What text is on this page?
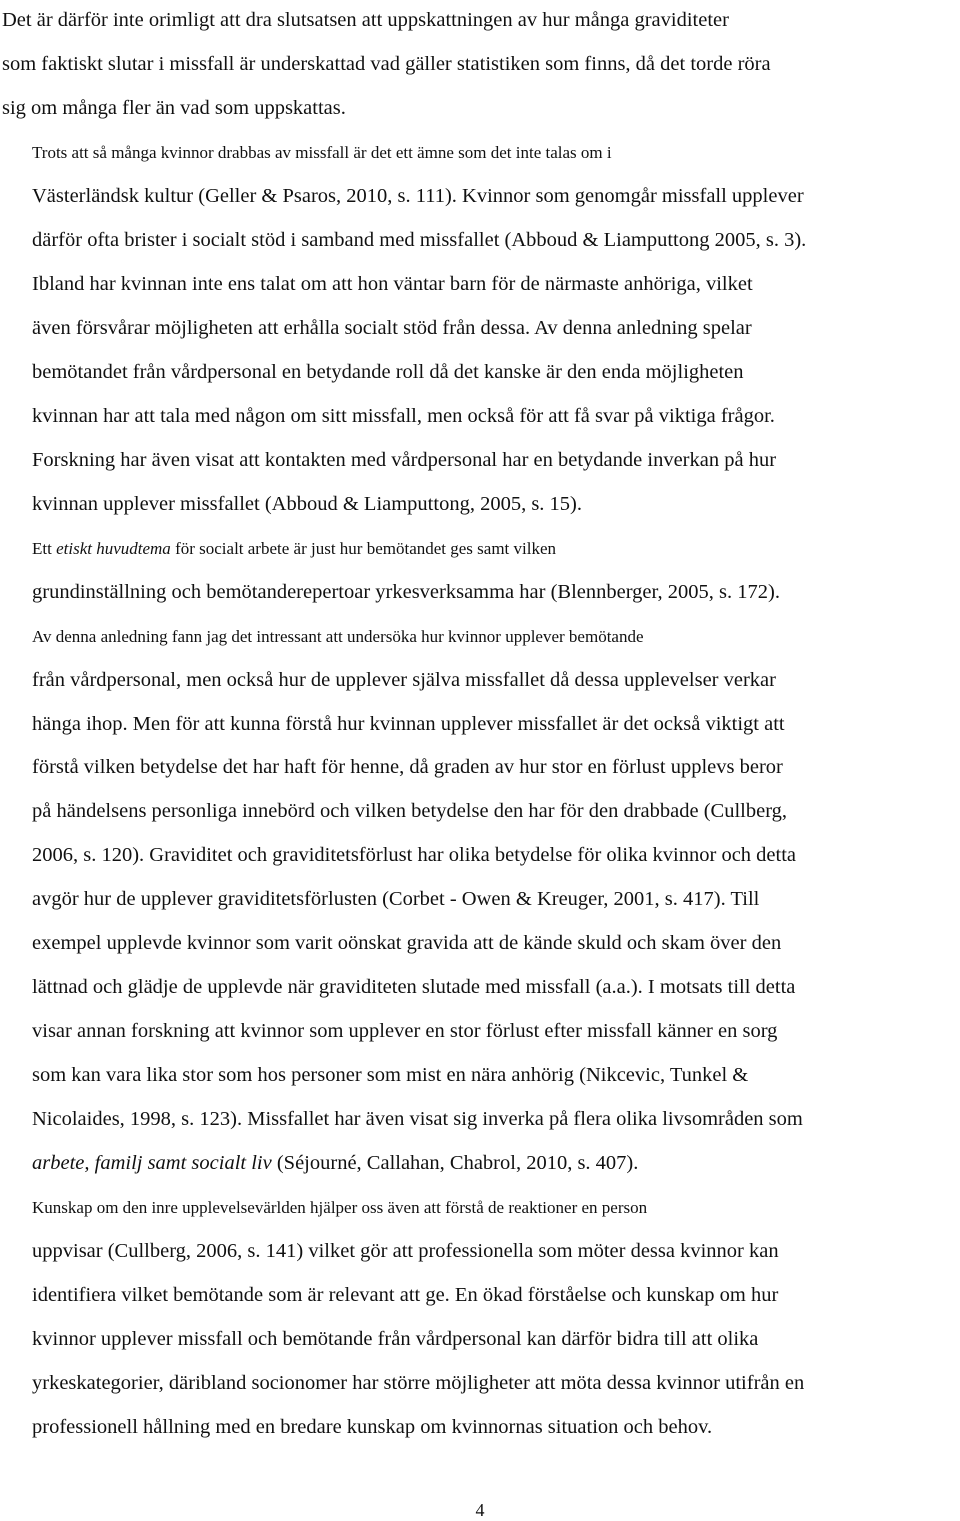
Det är därför inte orimligt att dra slutsatsen att uppskattningen av hur många graviditeter
som faktiskt slutar i missfall är underskattad vad gäller statistiken som finns, då det torde röra
sig om många fler än vad som uppskattas.

Trots att så många kvinnor drabbas av missfall är det ett ämne som det inte talas om i
Västerländsk kultur (Geller & Psaros, 2010, s. 111). Kvinnor som genomgår missfall upplever
därför ofta brister i socialt stöd i samband med missfallet (Abboud & Liamputtong 2005, s. 3).
Ibland har kvinnan inte ens talat om att hon väntar barn för de närmaste anhöriga, vilket
även försvårar möjligheten att erhålla socialt stöd från dessa. Av denna anledning spelar
bemötandet från vårdpersonal en betydande roll då det kanske är den enda möjligheten
kvinnan har att tala med någon om sitt missfall, men också för att få svar på viktiga frågor.
Forskning har även visat att kontakten med vårdpersonal har en betydande inverkan på hur
kvinnan upplever missfallet (Abboud & Liamputtong, 2005, s. 15).

Ett etiskt huvudtema för socialt arbete är just hur bemötandet ges samt vilken
grundinställning och bemötanderepertoar yrkesverksamma har (Blennberger, 2005, s. 172).

Av denna anledning fann jag det intressant att undersöka hur kvinnor upplever bemötande
från vårdpersonal, men också hur de upplever själva missfallet då dessa upplevelser verkar
hänga ihop. Men för att kunna förstå hur kvinnan upplever missfallet är det också viktigt att
förstå vilken betydelse det har haft för henne, då graden av hur stor en förlust upplevs beror
på händelsens personliga innebörd och vilken betydelse den har för den drabbade (Cullberg,
2006, s. 120). Graviditet och graviditetsförlust har olika betydelse för olika kvinnor och detta
avgör hur de upplever graviditetsförlusten (Corbet - Owen & Kreuger, 2001, s. 417). Till
exempel upplevde kvinnor som varit oönskat gravida att de kände skuld och skam över den
lättnad och glädje de upplevde när graviditeten slutade med missfall (a.a.). I motsats till detta
visar annan forskning att kvinnor som upplever en stor förlust efter missfall känner en sorg
som kan vara lika stor som hos personer som mist en nära anhörig (Nikcevic, Tunkel &
Nicolaides, 1998, s. 123). Missfallet har även visat sig inverka på flera olika livsområden som
arbete, familj samt socialt liv (Séjourné, Callahan, Chabrol, 2010, s. 407).

Kunskap om den inre upplevelsevärlden hjälper oss även att förstå de reaktioner en person
uppvisar (Cullberg, 2006, s. 141) vilket gör att professionella som möter dessa kvinnor kan
identifiera vilket bemötande som är relevant att ge. En ökad förståelse och kunskap om hur
kvinnor upplever missfall och bemötande från vårdpersonal kan därför bidra till att olika
yrkeskategorier, däribland socionomer har större möjligheter att möta dessa kvinnor utifrån en
professionell hållning med en bredare kunskap om kvinnornas situation och behov.

4
